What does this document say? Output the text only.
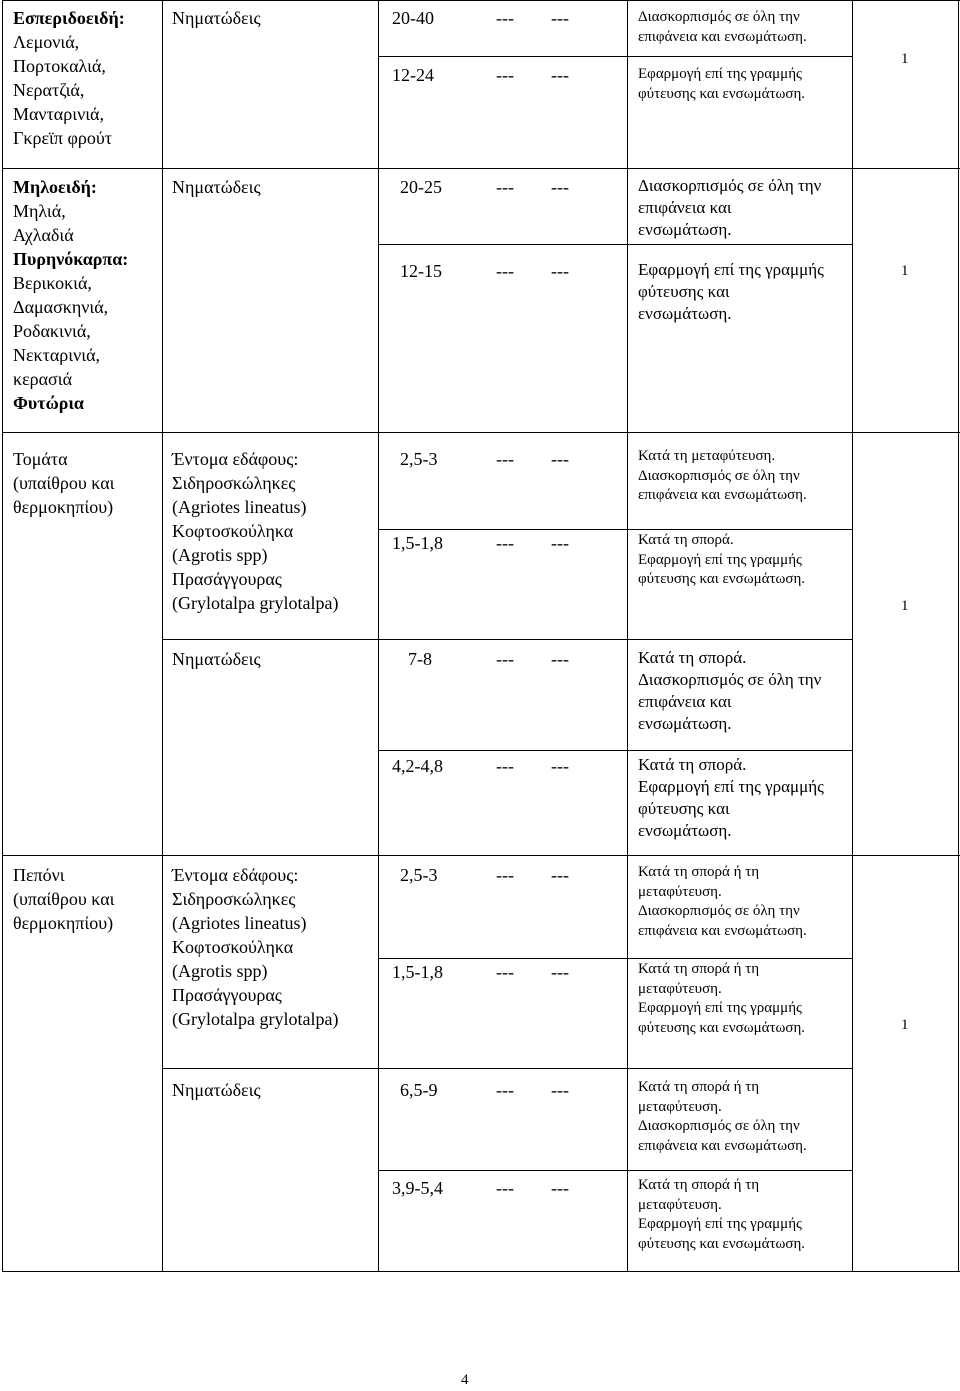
Εσπεριδοειδή:
Λεμονιά,
Πορτοκαλιά,
Νερατζιά,
Μανταρινιά,
Γκρεϊπ φρούτ
Νηματώδεις	20-40	--- ---	Διασκορπισμός σε όλη την
επιφάνεια και ενσωμάτωση.
12-24	--- ---	Εφαρμογή επί της γραμμής
φύτευσης και ενσωμάτωση.
1
Μηλοειδή:
Μηλιά,
Αχλαδιά
Πυρηνόκαρπα:
Βερικοκιά,
Δαμασκηνιά,
Ροδακινιά,
Νεκταρινιά,
κερασιά
Φυτώρια
Νηματώδεις	20-25	--- ---	Διασκορπισμός σε όλη την
επιφάνεια και
ενσωμάτωση.
12-15	--- ---	Εφαρμογή επί της γραμμής
φύτευσης και
ενσωμάτωση.
1
Τομάτα
(υπαίθρου και
θερμοκηπίου)
Έντομα εδάφους:
Σιδηροσκώληκες
(Agriotes lineatus)
Κοφτοσκούληκα
(Agrotis spp)
Πρασάγγουρας
(Grylotalpa grylotalpa)
2,5-3	--- ---	Κατά τη μεταφύτευση.
Διασκορπισμός σε όλη την
επιφάνεια και ενσωμάτωση.
1,5-1,8	--- ---	Κατά τη σπορά.
Εφαρμογή επί της γραμμής
φύτευσης και ενσωμάτωση.
Νηματώδεις	7-8	--- ---	Κατά τη σπορά.
Διασκορπισμός σε όλη την
επιφάνεια και
ενσωμάτωση.
4,2-4,8	--- ---	Κατά τη σπορά.
Εφαρμογή επί της γραμμής
φύτευσης και
ενσωμάτωση.
1
Πεπόνι
(υπαίθρου και
θερμοκηπίου)
Έντομα εδάφους:
Σιδηροσκώληκες
(Agriotes lineatus)
Κοφτοσκούληκα
(Agrotis spp)
Πρασάγγουρας
(Grylotalpa grylotalpa)
2,5-3	--- ---	Κατά τη σπορά ή τη
μεταφύτευση.
Διασκορπισμός σε όλη την
επιφάνεια και ενσωμάτωση.
1,5-1,8	--- ---	Κατά τη σπορά ή τη
μεταφύτευση.
Εφαρμογή επί της γραμμής
φύτευσης και ενσωμάτωση.
Νηματώδεις	6,5-9	--- ---	Κατά τη σπορά ή τη
μεταφύτευση.
Διασκορπισμός σε όλη την
επιφάνεια και ενσωμάτωση.
3,9-5,4	--- ---	Κατά τη σπορά ή τη
μεταφύτευση.
Εφαρμογή επί της γραμμής
φύτευσης και ενσωμάτωση.
1
4
